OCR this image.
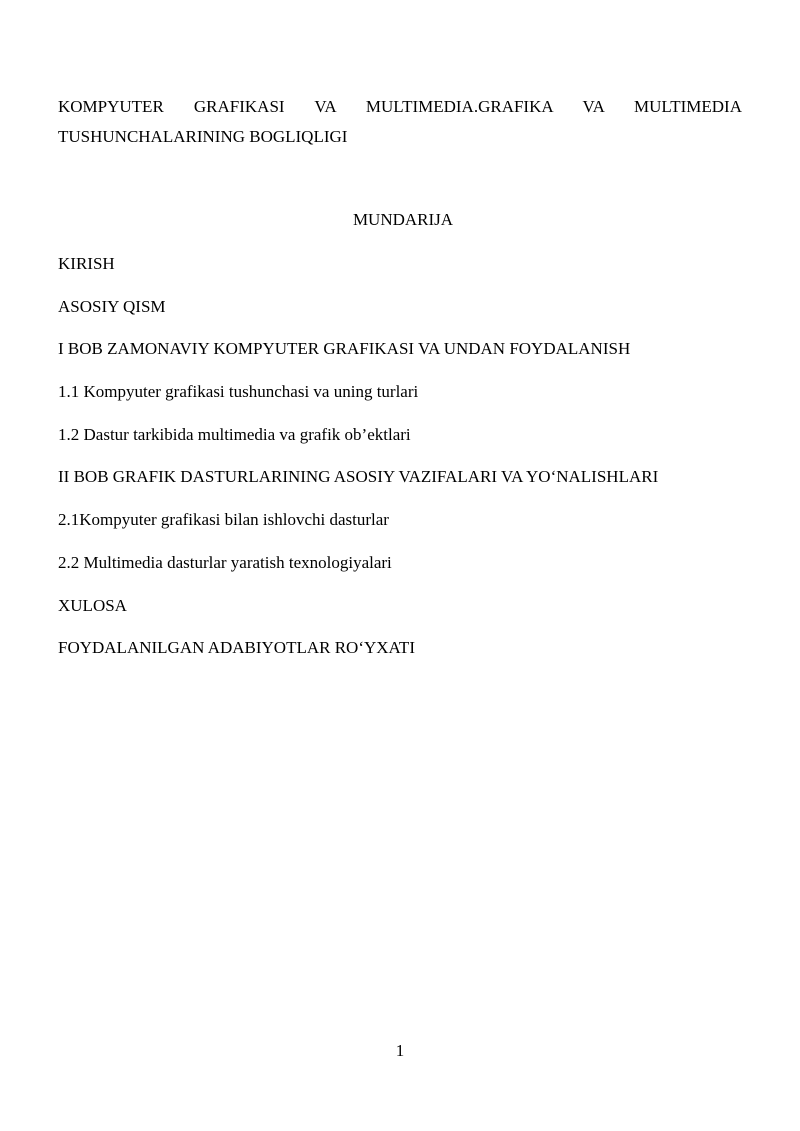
KOMPYUTER GRAFIKASI VA MULTIMEDIA.GRAFIKA VA MULTIMEDIA
TUSHUNCHALARINING BOGLIQLIGI
MUNDARIJA
KIRISH
ASOSIY QISM
I BOB ZAMONAVIY KOMPYUTER GRAFIKASI VA UNDAN FOYDALANISH
1.1 Kompyuter grafikasi tushunchasi va uning turlari
1.2 Dastur tarkibida multimedia va grafik ob’ektlari
II BOB GRAFIK DASTURLARINING ASOSIY VAZIFALARI VA YO‘NALISHLARI
2.1Kompyuter grafikasi bilan ishlovchi dasturlar
2.2 Multimedia dasturlar yaratish texnologiyalari
XULOSA
FOYDALANILGAN ADABIYOTLAR RO‘YXATI
1
